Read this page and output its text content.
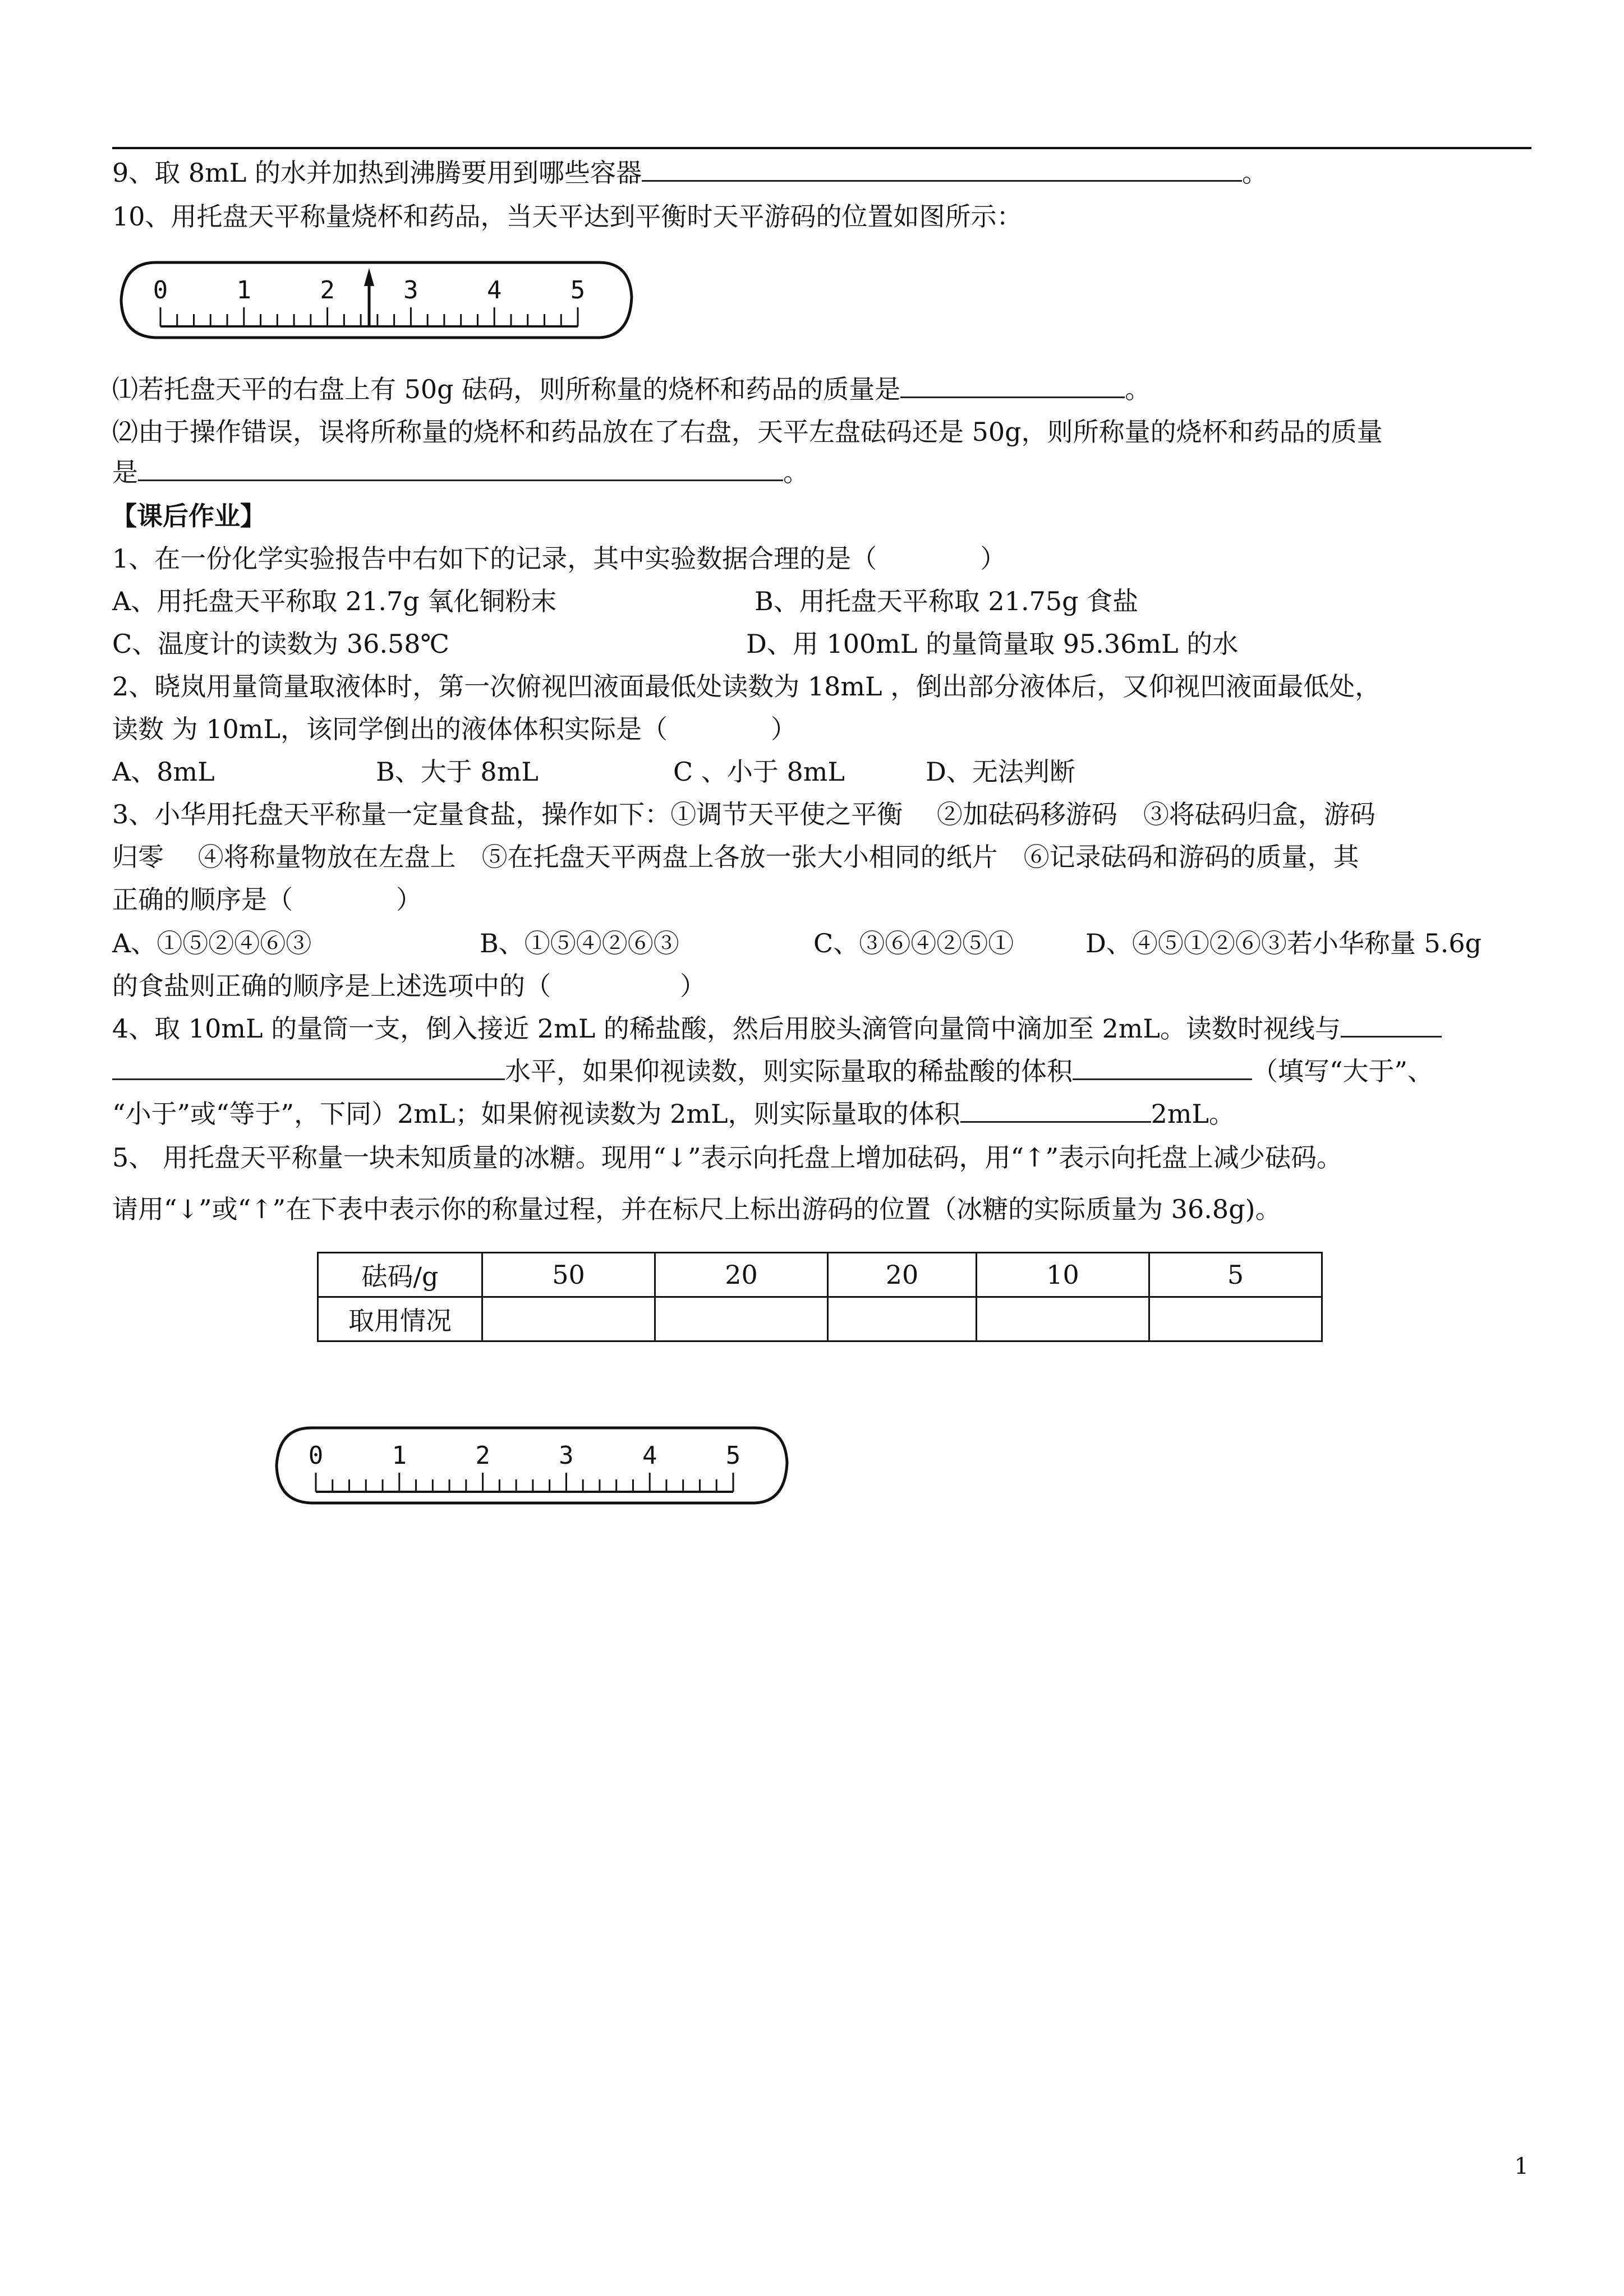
9、取 8mL 的水并加热到沸腾要用到哪些容器	。
10、用托盘天平称量烧杯和药品，当天平达到平衡时天平游码的位置如图所示：
0	1	2	3	4	5
⑴若托盘天平的右盘上有 50g 砝码，则所称量的烧杯和药品的质量是	。
⑵由于操作错误，误将所称量的烧杯和药品放在了右盘，天平左盘砝码还是 50g，则所称量的烧杯和药品的质量
是	。
【课后作业】
1、在一份化学实验报告中右如下的记录，其中实验数据合理的是（　　　　）
A、用托盘天平称取 21.7g 氧化铜粉末	B、用托盘天平称取 21.75g 食盐
C、温度计的读数为 36.58℃	D、用 100mL 的量筒量取 95.36mL 的水
2、晓岚用量筒量取液体时，第一次俯视凹液面最低处读数为 18mL ，倒出部分液体后，又仰视凹液面最低处，
读数 为 10mL，该同学倒出的液体体积实际是（　　　　）
A、8mL	B、大于 8mL	C 、小于 8mL	D、无法判断
3、小华用托盘天平称量一定量食盐，操作如下：①调节天平使之平衡　 ②加砝码移游码　③将砝码归盒，游码
归零　 ④将称量物放在左盘上　⑤在托盘天平两盘上各放一张大小相同的纸片　⑥记录砝码和游码的质量，其
正确的顺序是（　　　　）
A、①⑤②④⑥③	B、①⑤④②⑥③	C、③⑥④②⑤①	D、④⑤①②⑥③若小华称量 5.6g
的食盐则正确的顺序是上述选项中的（　　　　　）
4、取 10mL 的量筒一支，倒入接近 2mL 的稀盐酸，然后用胶头滴管向量筒中滴加至 2mL。读数时视线与
水平，如果仰视读数，则实际量取的稀盐酸的体积	（填写“大于”、
“小于”或“等于”，下同）2mL；如果俯视读数为 2mL，则实际量取的体积	2mL。
5、 用托盘天平称量一块未知质量的冰糖。现用“↓”表示向托盘上增加砝码，用“↑”表示向托盘上减少砝码。
请用“↓”或“↑”在下表中表示你的称量过程，并在标尺上标出游码的位置（冰糖的实际质量为 36.8g)。
砝码/g	50	20	20	10	5
取用情况					
0	1	2	3	4	5
1
